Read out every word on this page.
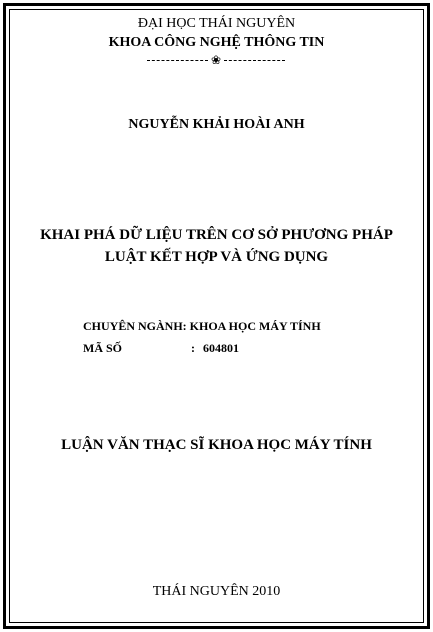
ĐẠI HỌC THÁI NGUYÊN
KHOA CÔNG NGHỆ THÔNG TIN
❀
NGUYỄN KHẢI HOÀI ANH
KHAI PHÁ DỮ LIỆU TRÊN CƠ SỞ PHƯƠNG PHÁP
LUẬT KẾT HỢP VÀ ỨNG DỤNG
CHUYÊN NGÀNH: KHOA HỌC MÁY TÍNH
MÃ SỐ	: 604801
LUẬN VĂN THẠC SĨ KHOA HỌC MÁY TÍNH
THÁI NGUYÊN 2010
